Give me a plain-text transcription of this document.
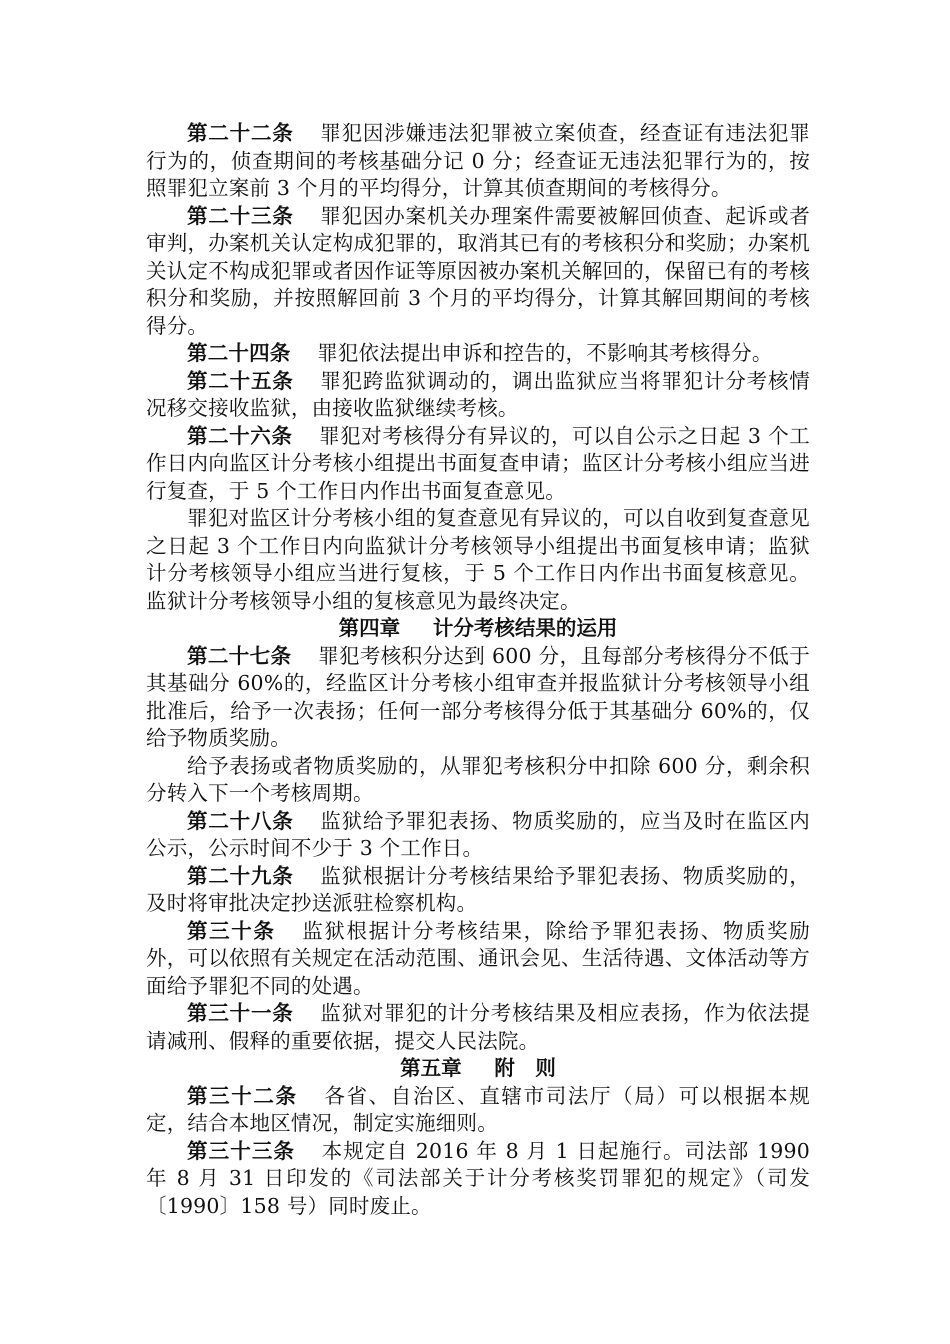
第二十二条 罪犯因涉嫌违法犯罪被立案侦查，经查证有违法犯罪行为的，侦查期间的考核基础分记 0 分；经查证无违法犯罪行为的，按照罪犯立案前 3 个月的平均得分，计算其侦查期间的考核得分。

第二十三条 罪犯因办案机关办理案件需要被解回侦查、起诉或者审判，办案机关认定构成犯罪的，取消其已有的考核积分和奖励；办案机关认定不构成犯罪或者因作证等原因被办案机关解回的，保留已有的考核积分和奖励，并按照解回前 3 个月的平均得分，计算其解回期间的考核得分。

第二十四条 罪犯依法提出申诉和控告的，不影响其考核得分。

第二十五条 罪犯跨监狱调动的，调出监狱应当将罪犯计分考核情况移交接收监狱，由接收监狱继续考核。

第二十六条 罪犯对考核得分有异议的，可以自公示之日起 3 个工作日内向监区计分考核小组提出书面复查申请；监区计分考核小组应当进行复查，于 5 个工作日内作出书面复查意见。

罪犯对监区计分考核小组的复查意见有异议的，可以自收到复查意见之日起 3 个工作日内向监狱计分考核领导小组提出书面复核申请；监狱计分考核领导小组应当进行复核，于 5 个工作日内作出书面复核意见。监狱计分考核领导小组的复核意见为最终决定。

第四章 计分考核结果的运用

第二十七条 罪犯考核积分达到 600 分，且每部分考核得分不低于其基础分 60%的，经监区计分考核小组审查并报监狱计分考核领导小组批准后，给予一次表扬；任何一部分考核得分低于其基础分 60%的，仅给予物质奖励。

给予表扬或者物质奖励的，从罪犯考核积分中扣除 600 分，剩余积分转入下一个考核周期。

第二十八条 监狱给予罪犯表扬、物质奖励的，应当及时在监区内公示，公示时间不少于 3 个工作日。

第二十九条 监狱根据计分考核结果给予罪犯表扬、物质奖励的，及时将审批决定抄送派驻检察机构。

第三十条 监狱根据计分考核结果，除给予罪犯表扬、物质奖励外，可以依照有关规定在活动范围、通讯会见、生活待遇、文体活动等方面给予罪犯不同的处遇。

第三十一条 监狱对罪犯的计分考核结果及相应表扬，作为依法提请减刑、假释的重要依据，提交人民法院。

第五章 附　则

第三十二条 各省、自治区、直辖市司法厅（局）可以根据本规定，结合本地区情况，制定实施细则。

第三十三条 本规定自 2016 年 8 月 1 日起施行。司法部 1990 年 8 月 31 日印发的《司法部关于计分考核奖罚罪犯的规定》（司发〔1990〕158 号）同时废止。
